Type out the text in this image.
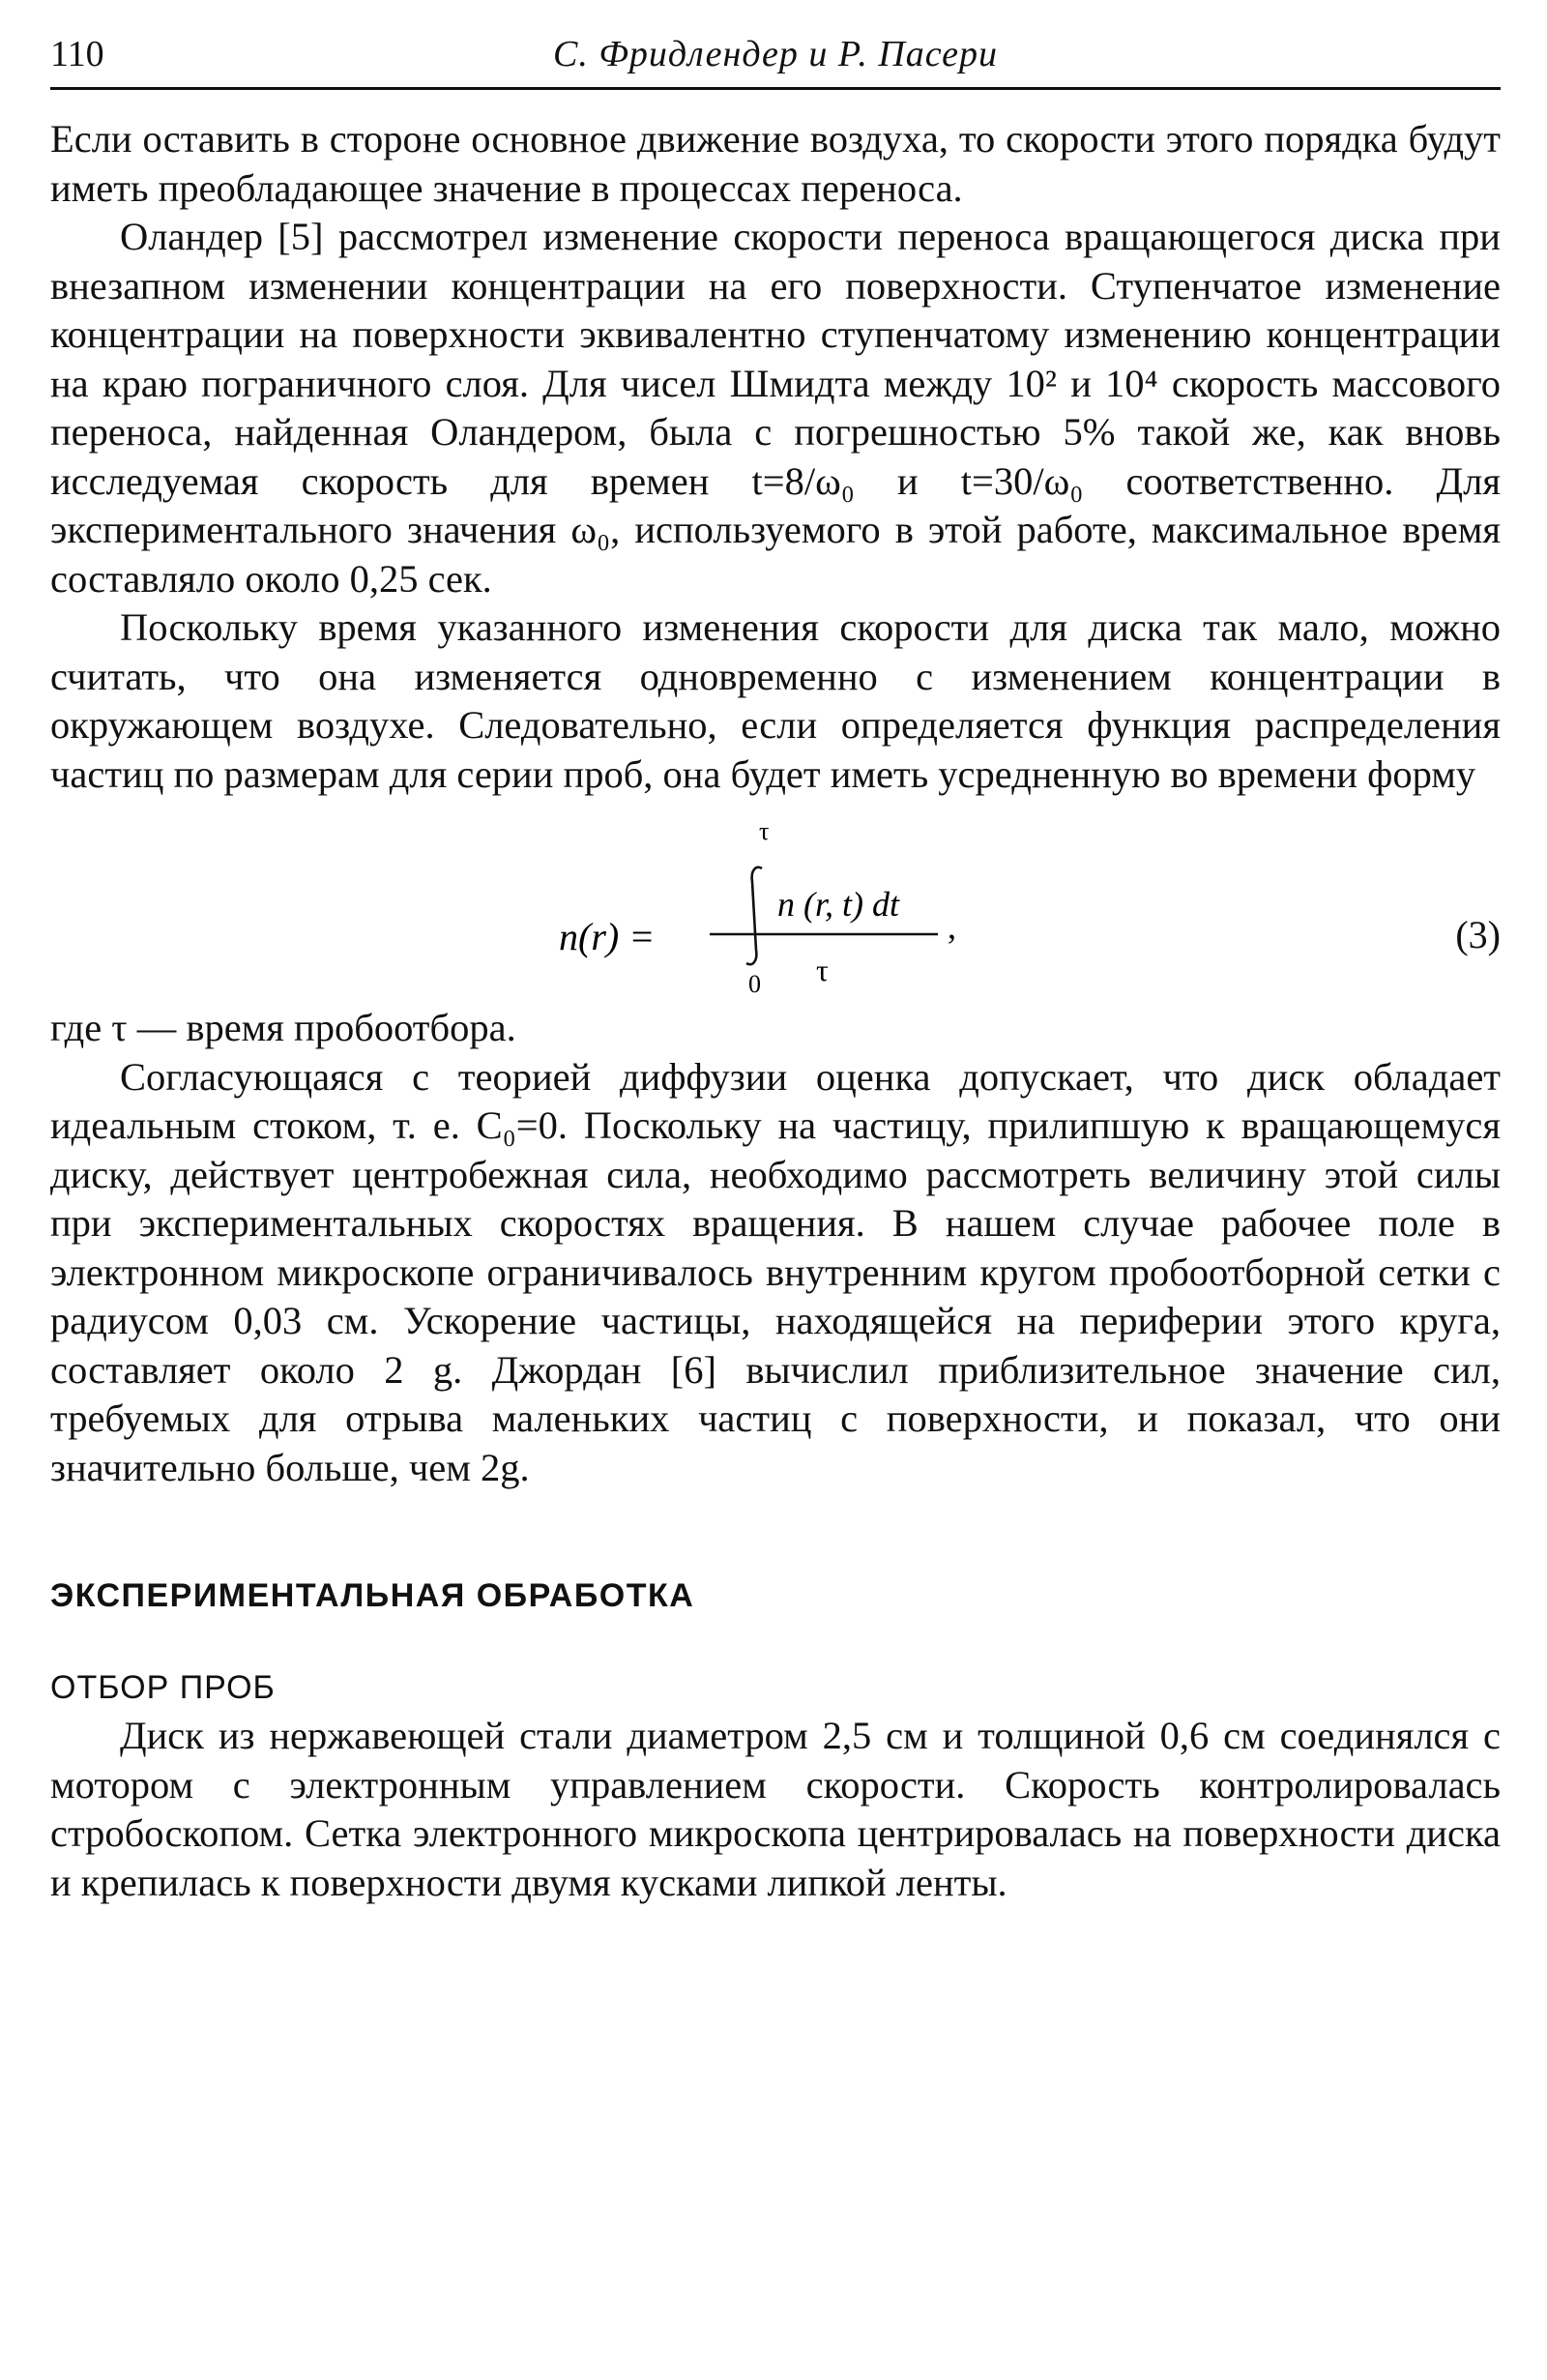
110	С. Фридлендер и Р. Пасери

Если оставить в стороне основное движение воздуха, то скорости этого порядка будут иметь преобладающее значение в процессах переноса.

Оландер [5] рассмотрел изменение скорости переноса вращающегося диска при внезапном изменении концентрации на его поверхности. Ступенчатое изменение концентрации на поверхности эквивалентно ступенчатому изменению концентрации на краю пограничного слоя. Для чисел Шмидта между 10² и 10⁴ скорость массового переноса, найденная Оландером, была с погрешностью 5% такой же, как вновь исследуемая скорость для времен t=8/ω₀ и t=30/ω₀ соответственно. Для экспериментального значения ω₀, используемого в этой работе, максимальное время составляло около 0,25 сек.

Поскольку время указанного изменения скорости для диска так мало, можно считать, что она изменяется одновременно с изменением концентрации в окружающем воздухе. Следовательно, если определяется функция распределения частиц по размерам для серии проб, она будет иметь усредненную во времени форму

τ
0
n (r, t) dt
n(r) =
τ
,	(3)

где τ — время пробоотбора.

Согласующаяся с теорией диффузии оценка допускает, что диск обладает идеальным стоком, т. е. C₀=0. Поскольку на частицу, прилипшую к вращающемуся диску, действует центробежная сила, необходимо рассмотреть величину этой силы при экспериментальных скоростях вращения. В нашем случае рабочее поле в электронном микроскопе ограничивалось внутренним кругом пробоотборной сетки с радиусом 0,03 см. Ускорение частицы, находящейся на периферии этого круга, составляет около 2 g. Джордан [6] вычислил приблизительное значение сил, требуемых для отрыва маленьких частиц с поверхности, и показал, что они значительно больше, чем 2g.

ЭКСПЕРИМЕНТАЛЬНАЯ ОБРАБОТКА
ОТБОР ПРОБ

Диск из нержавеющей стали диаметром 2,5 см и толщиной 0,6 см соединялся с мотором с электронным управлением скорости. Скорость контролировалась стробоскопом. Сетка электронного микроскопа центрировалась на поверхности диска и крепилась к поверхности двумя кусками липкой ленты.
